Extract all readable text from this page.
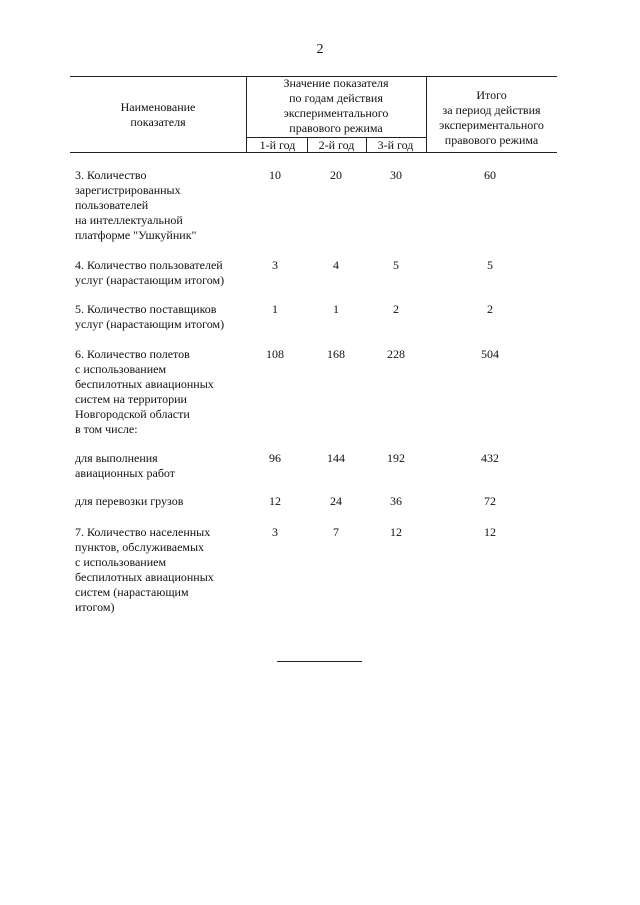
2
Наименование
показателя
Значение показателя
по годам действия
экспериментального
правового режима
Итого
за период действия
экспериментального
правового режима
1-й год	2-й год	3-й год
3. Количество
зарегистрированных
пользователей
на интеллектуальной
платформе "Ушкуйник"
10	20	30	60
4. Количество пользователей
услуг (нарастающим итогом)
3	4	5	5
5. Количество поставщиков
услуг (нарастающим итогом)
1	1	2	2
6. Количество полетов
с использованием
беспилотных авиационных
систем на территории
Новгородской области
в том числе:
108	168	228	504
для выполнения
авиационных работ
96	144	192	432
для перевозки грузов	12	24	36	72
7. Количество населенных
пунктов, обслуживаемых
с использованием
беспилотных авиационных
систем (нарастающим
итогом)
3	7	12	12
